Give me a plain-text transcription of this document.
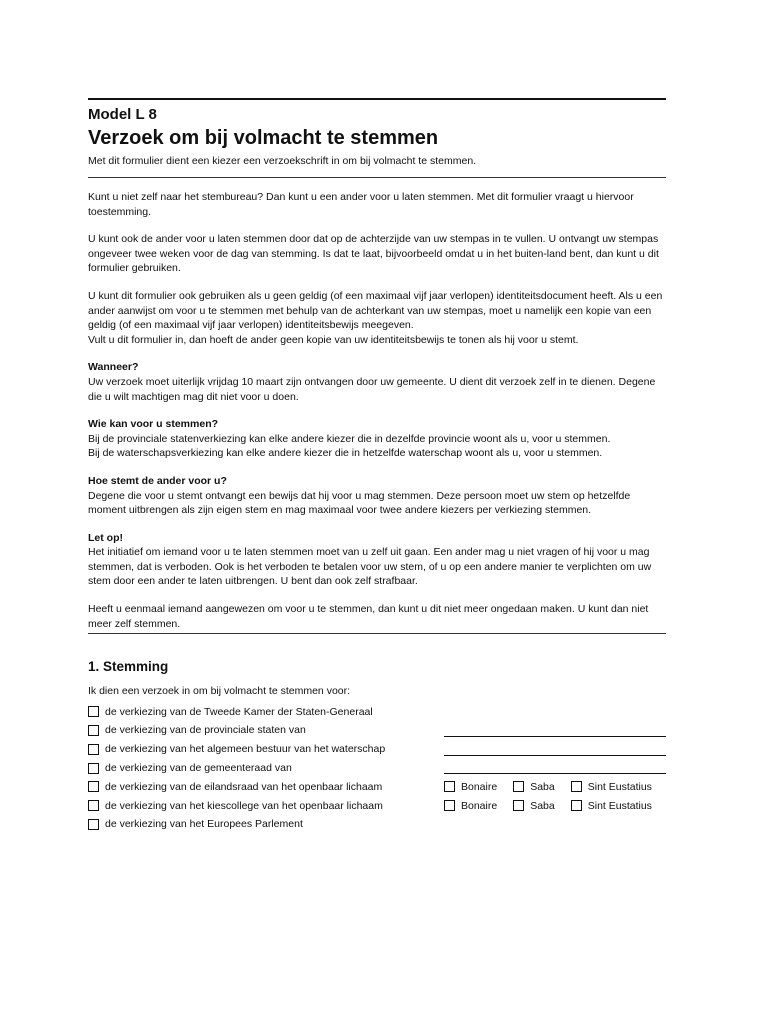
Model L 8
Verzoek om bij volmacht te stemmen
Met dit formulier dient een kiezer een verzoekschrift in om bij volmacht te stemmen.

Kunt u niet zelf naar het stembureau? Dan kunt u een ander voor u laten stemmen. Met dit formulier vraagt u hiervoor toestemming.

U kunt ook de ander voor u laten stemmen door dat op de achterzijde van uw stempas in te vullen. U ontvangt uw stempas ongeveer twee weken voor de dag van stemming. Is dat te laat, bijvoorbeeld omdat u in het buiten-land bent, dan kunt u dit formulier gebruiken.

U kunt dit formulier ook gebruiken als u geen geldig (of een maximaal vijf jaar verlopen) identiteitsdocument heeft. Als u een ander aanwijst om voor u te stemmen met behulp van de achterkant van uw stempas, moet u namelijk een kopie van een geldig (of een maximaal vijf jaar verlopen) identiteitsbewijs meegeven.

Vult u dit formulier in, dan hoeft de ander geen kopie van uw identiteitsbewijs te tonen als hij voor u stemt.

Wanneer?

Uw verzoek moet uiterlijk vrijdag 10 maart zijn ontvangen door uw gemeente. U dient dit verzoek zelf in te dienen. Degene die u wilt machtigen mag dit niet voor u doen.

Wie kan voor u stemmen?

Bij de provinciale statenverkiezing kan elke andere kiezer die in dezelfde provincie woont als u, voor u stemmen.

Bij de waterschapsverkiezing kan elke andere kiezer die in hetzelfde waterschap woont als u, voor u stemmen.

Hoe stemt de ander voor u?

Degene die voor u stemt ontvangt een bewijs dat hij voor u mag stemmen. Deze persoon moet uw stem op hetzelfde moment uitbrengen als zijn eigen stem en mag maximaal voor twee andere kiezers per verkiezing stemmen.

Let op!

Het initiatief om iemand voor u te laten stemmen moet van u zelf uit gaan. Een ander mag u niet vragen of hij voor u mag stemmen, dat is verboden. Ook is het verboden te betalen voor uw stem, of u op een andere manier te verplichten om uw stem door een ander te laten uitbrengen. U bent dan ook zelf strafbaar.

Heeft u eenmaal iemand aangewezen om voor u te stemmen, dan kunt u dit niet meer ongedaan maken. U kunt dan niet meer zelf stemmen.

1. Stemming
Ik dien een verzoek in om bij volmacht te stemmen voor:
de verkiezing van de Tweede Kamer der Staten-Generaal
de verkiezing van de provinciale staten van
de verkiezing van het algemeen bestuur van het waterschap
de verkiezing van de gemeenteraad van
de verkiezing van de eilandsraad van het openbaar lichaam	Bonaire	Saba	Sint Eustatius
de verkiezing van het kiescollege van het openbaar lichaam	Bonaire	Saba	Sint Eustatius
de verkiezing van het Europees Parlement
